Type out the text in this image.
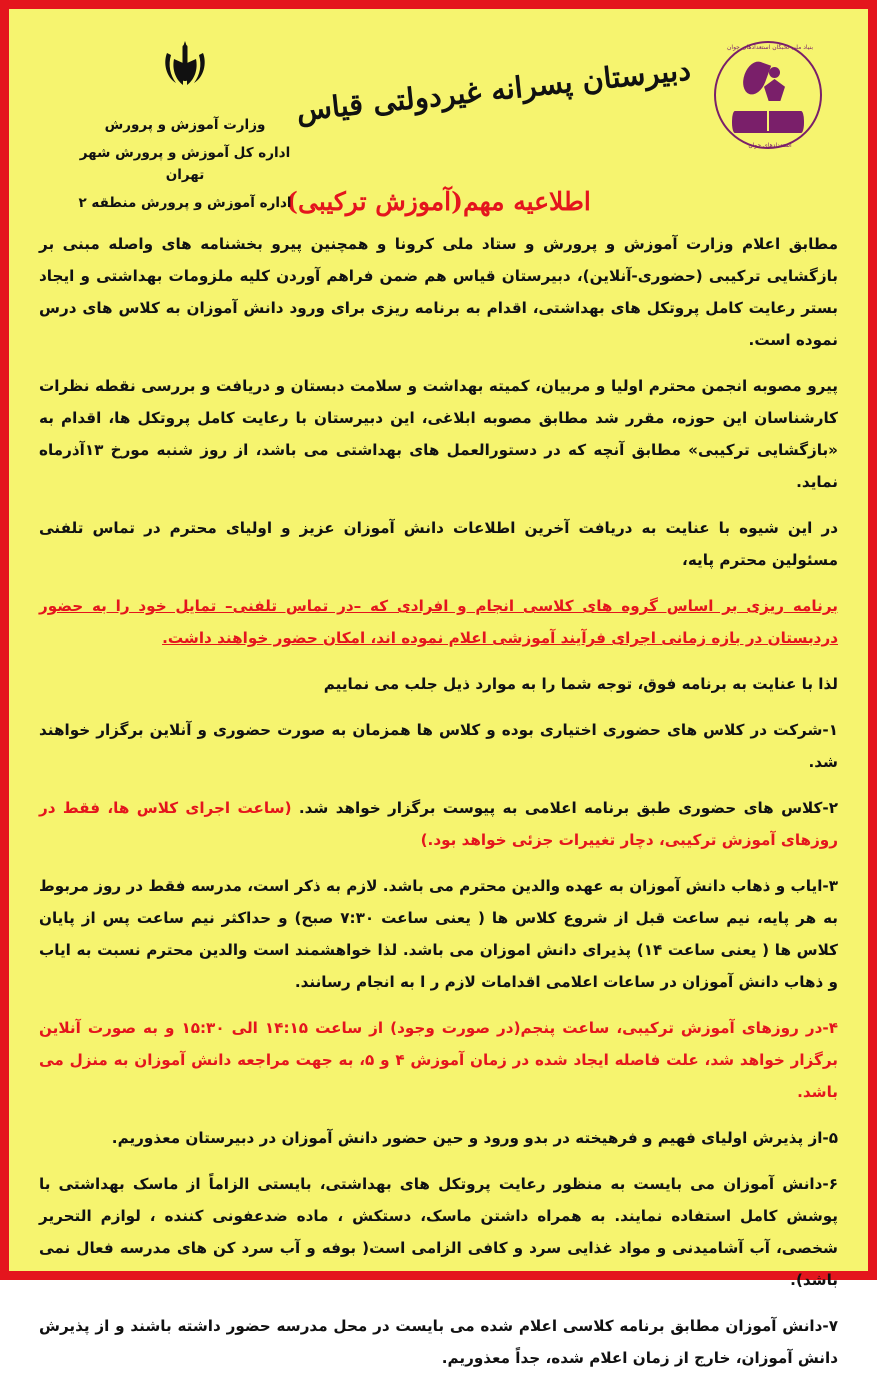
بنیاد ملی نخبگان استعدادهای جوان
استعدادهای جوان
وزارت آموزش و پرورش
اداره کل آموزش و پرورش شهر تهران
اداره آموزش و پرورش منطقه ۲
دبیرستان پسرانه غیردولتی قیاس
اطلاعیه مهم(آموزش ترکیبی)

مطابق اعلام وزارت آموزش و پرورش و ستاد ملی کرونا و همچنین پیرو بخشنامه های واصله مبنی بر بازگشایی ترکیبی (حضوری-آنلاین)، دبیرستان قیاس هم ضمن فراهم آوردن کلیه ملزومات بهداشتی و ایجاد بستر رعایت کامل پروتکل های بهداشتی، اقدام به برنامه ریزی برای ورود دانش آموزان به کلاس های درس نموده است.

پیرو مصوبه انجمن محترم اولیا و مربیان، کمیته بهداشت و سلامت دبستان و دریافت و بررسی نقطه نظرات کارشناسان این حوزه، مقرر شد مطابق مصوبه ابلاغی، این دبیرستان با رعایت کامل پروتکل ها، اقدام به «بازگشایی ترکیبی» مطابق آنچه که در دستورالعمل های بهداشتی می باشد، از روز شنبه مورخ ۱۳آذرماه نماید.

در این شیوه با عنایت به دریافت آخرین اطلاعات دانش آموزان عزیز و اولیای محترم در تماس تلفنی مسئولین محترم پایه،

برنامه ریزی بر اساس گروه های کلاسی انجام و افرادی که –در تماس تلفنی– تمایل خود را به حضور دردبستان در بازه زمانی اجرای فرآیند آموزشی اعلام نموده اند، امکان حضور خواهند داشت.

لذا با عنایت به برنامه فوق، توجه شما را به موارد ذیل جلب می نماییم

۱-شرکت در کلاس های حضوری اختیاری بوده و کلاس ها همزمان به صورت حضوری و آنلاین برگزار خواهند شد.

۲-کلاس های حضوری طبق برنامه اعلامی به پیوست برگزار خواهد شد. (ساعت اجرای کلاس ها، فقط در روزهای آموزش ترکیبی، دچار تغییرات جزئی خواهد بود.)

۳-ایاب و ذهاب دانش آموزان به عهده والدین محترم می باشد. لازم به ذکر است، مدرسه فقط در روز مربوط به هر پایه، نیم ساعت قبل از شروع کلاس ها ( یعنی ساعت ۷:۳۰ صبح) و حداکثر نیم ساعت پس از پایان کلاس ها ( یعنی ساعت ۱۴) پذیرای دانش اموزان می باشد. لذا خواهشمند است والدین محترم نسبت به ایاب و ذهاب دانش آموزان در ساعات اعلامی اقدامات لازم ر ا به انجام رسانند.

۴-در روزهای آموزش ترکیبی، ساعت پنجم(در صورت وجود) از ساعت ۱۴:۱۵ الی ۱۵:۳۰ و به صورت آنلاین برگزار خواهد شد، علت فاصله ایجاد شده در زمان آموزش ۴ و ۵، به جهت مراجعه دانش آموزان به منزل می باشد.

۵-از پذیرش اولیای فهیم و فرهیخته در بدو ورود و حین حضور دانش آموزان در دبیرستان معذوریم.

۶-دانش آموزان می بایست به منظور رعایت پروتکل های بهداشتی، بایستی الزاماً از ماسک بهداشتی با پوشش کامل استفاده نمایند. به همراه داشتن ماسک، دستکش ، ماده ضدعفونی کننده ، لوازم التحریر شخصی، آب آشامیدنی و مواد غذایی سرد و کافی الزامی است( بوفه و آب سرد کن های مدرسه فعال نمی باشد).

۷-دانش آموزان مطابق برنامه کلاسی اعلام شده می بایست در محل مدرسه حضور داشته باشند و از پذیرش دانش آموزان، خارج از زمان اعلام شده، جداً معذوریم.
